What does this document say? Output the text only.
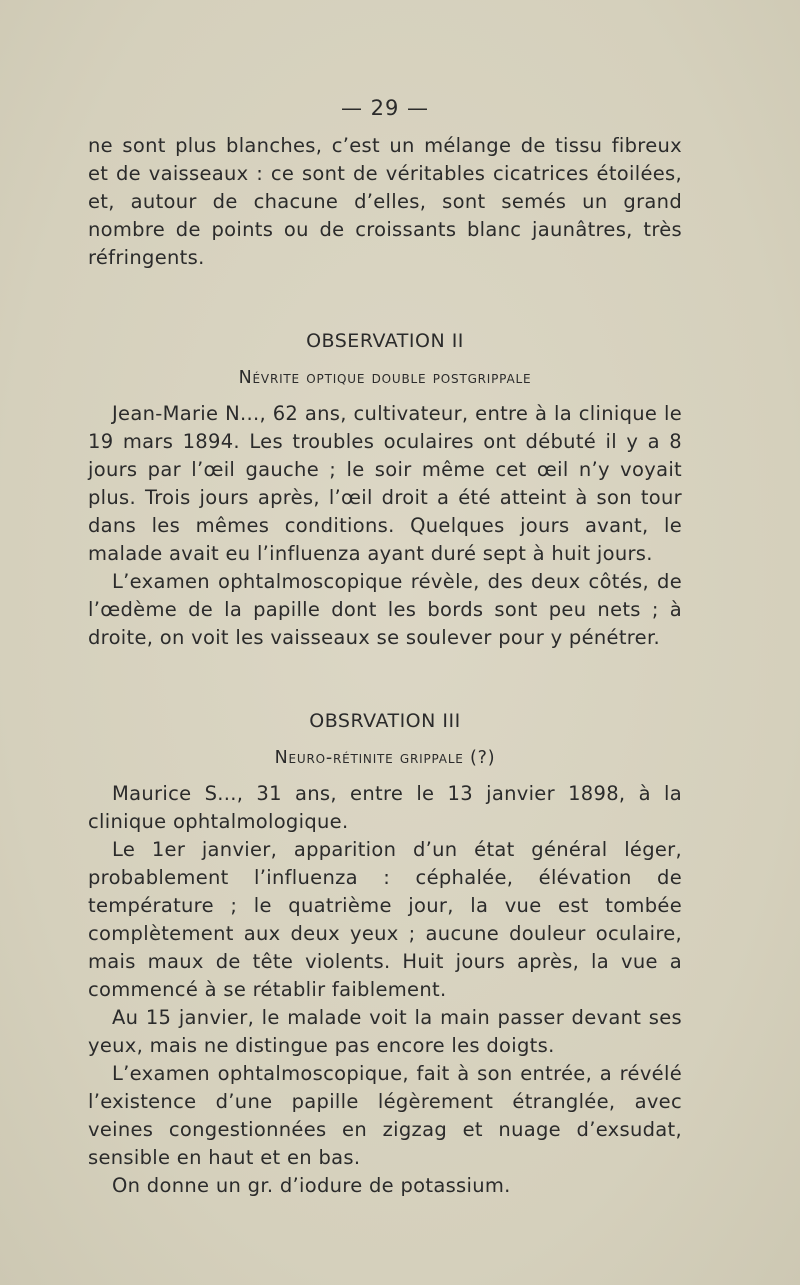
— 29 —

ne sont plus blanches, c’est un mélange de tissu fibreux et de vaisseaux : ce sont de véritables cicatrices étoilées, et, autour de chacune d’elles, sont semés un grand nombre de points ou de croissants blanc jaunâtres, très réfringents.

OBSERVATION II
Névrite optique double postgrippale

Jean-Marie N..., 62 ans, cultivateur, entre à la clinique le 19 mars 1894. Les troubles oculaires ont débuté il y a 8 jours par l’œil gauche ; le soir même cet œil n’y voyait plus. Trois jours après, l’œil droit a été atteint à son tour dans les mêmes conditions. Quelques jours avant, le malade avait eu l’influenza ayant duré sept à huit jours.

L’examen ophtalmoscopique révèle, des deux côtés, de l’œdème de la papille dont les bords sont peu nets ; à droite, on voit les vaisseaux se soulever pour y pénétrer.

OBSRVATION III
Neuro-rétinite grippale (?)

Maurice S..., 31 ans, entre le 13 janvier 1898, à la clinique ophtalmologique.

Le 1er janvier, apparition d’un état général léger, probablement l’influenza : céphalée, élévation de température ; le quatrième jour, la vue est tombée complètement aux deux yeux ; aucune douleur oculaire, mais maux de tête violents. Huit jours après, la vue a commencé à se rétablir faiblement.

Au 15 janvier, le malade voit la main passer devant ses yeux, mais ne distingue pas encore les doigts.

L’examen ophtalmoscopique, fait à son entrée, a révélé l’existence d’une papille légèrement étranglée, avec veines congestionnées en zigzag et nuage d’exsudat, sensible en haut et en bas.

On donne un gr. d’iodure de potassium.
